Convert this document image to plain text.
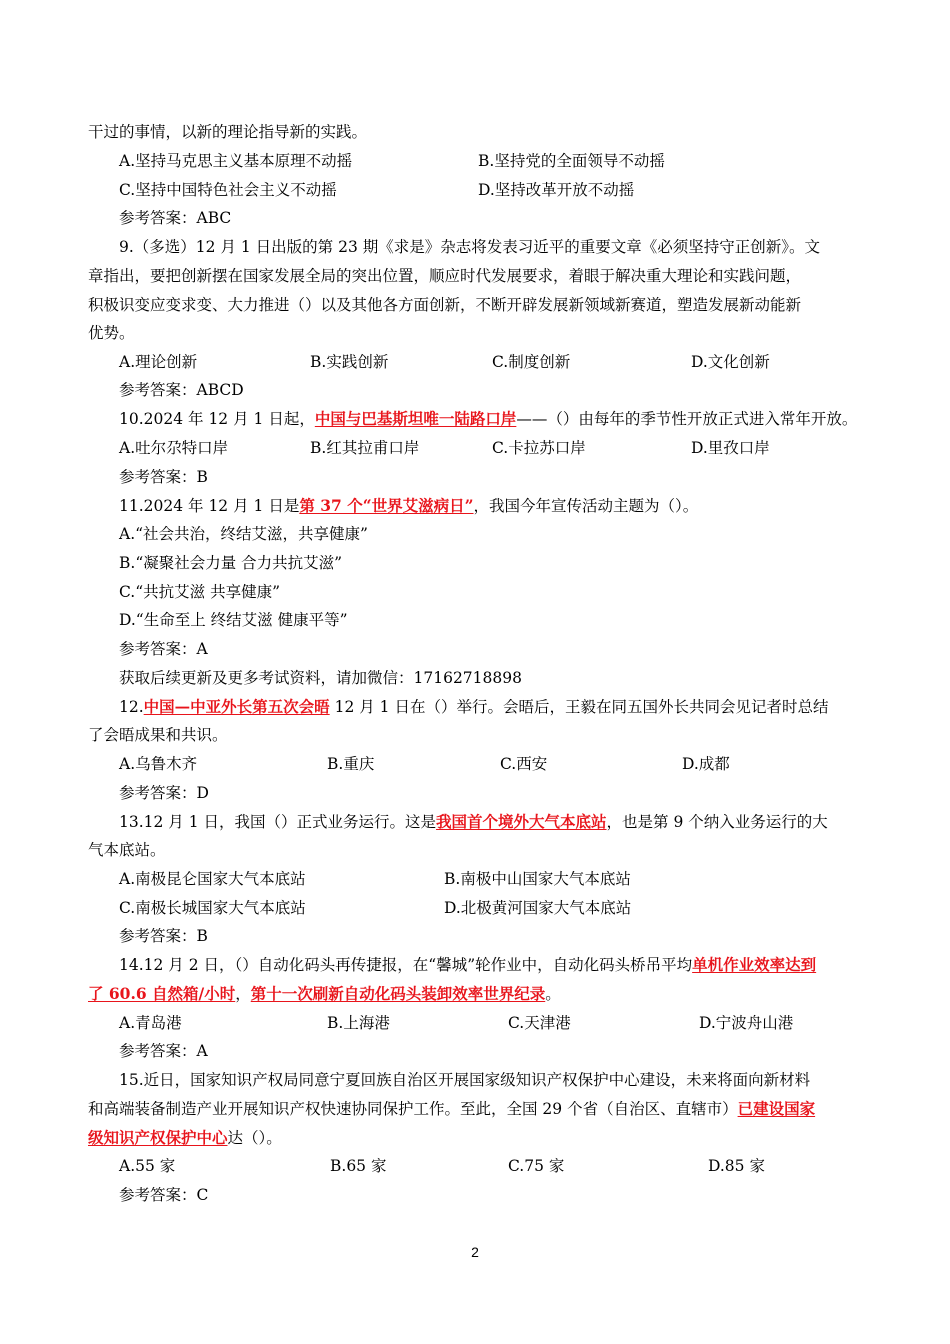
干过的事情，以新的理论指导新的实践。
A.坚持马克思主义基本原理不动摇	B.坚持党的全面领导不动摇
C.坚持中国特色社会主义不动摇	D.坚持改革开放不动摇
参考答案：ABC
9.（多选）12 月 1 日出版的第 23 期《求是》杂志将发表习近平的重要文章《必须坚持守正创新》。文
章指出，要把创新摆在国家发展全局的突出位置，顺应时代发展要求，着眼于解决重大理论和实践问题，
积极识变应变求变、大力推进（）以及其他各方面创新，不断开辟发展新领域新赛道，塑造发展新动能新
优势。
A.理论创新	B.实践创新	C.制度创新	D.文化创新
参考答案：ABCD
10.2024 年 12 月 1 日起，中国与巴基斯坦唯一陆路口岸——（）由每年的季节性开放正式进入常年开放。
A.吐尔尕特口岸	B.红其拉甫口岸	C.卡拉苏口岸	D.里孜口岸
参考答案：B
11.2024 年 12 月 1 日是第 37 个“世界艾滋病日”，我国今年宣传活动主题为（）。
A.“社会共治，终结艾滋，共享健康”
B.“凝聚社会力量 合力共抗艾滋”
C.“共抗艾滋 共享健康”
D.“生命至上 终结艾滋 健康平等”
参考答案：A
获取后续更新及更多考试资料，请加微信：17162718898
12.中国—中亚外长第五次会晤 12 月 1 日在（）举行。会晤后，王毅在同五国外长共同会见记者时总结
了会晤成果和共识。
A.乌鲁木齐	B.重庆	C.西安	D.成都
参考答案：D
13.12 月 1 日，我国（）正式业务运行。这是我国首个境外大气本底站，也是第 9 个纳入业务运行的大
气本底站。
A.南极昆仑国家大气本底站	B.南极中山国家大气本底站
C.南极长城国家大气本底站	D.北极黄河国家大气本底站
参考答案：B
14.12 月 2 日，（）自动化码头再传捷报，在“馨城”轮作业中，自动化码头桥吊平均单机作业效率达到
了 60.6 自然箱/小时，第十一次刷新自动化码头装卸效率世界纪录。
A.青岛港	B.上海港	C.天津港	D.宁波舟山港
参考答案：A
15.近日，国家知识产权局同意宁夏回族自治区开展国家级知识产权保护中心建设，未来将面向新材料
和高端装备制造产业开展知识产权快速协同保护工作。至此，全国 29 个省（自治区、直辖市）已建设国家
级知识产权保护中心达（）。
A.55 家	B.65 家	C.75 家	D.85 家
参考答案：C
2
